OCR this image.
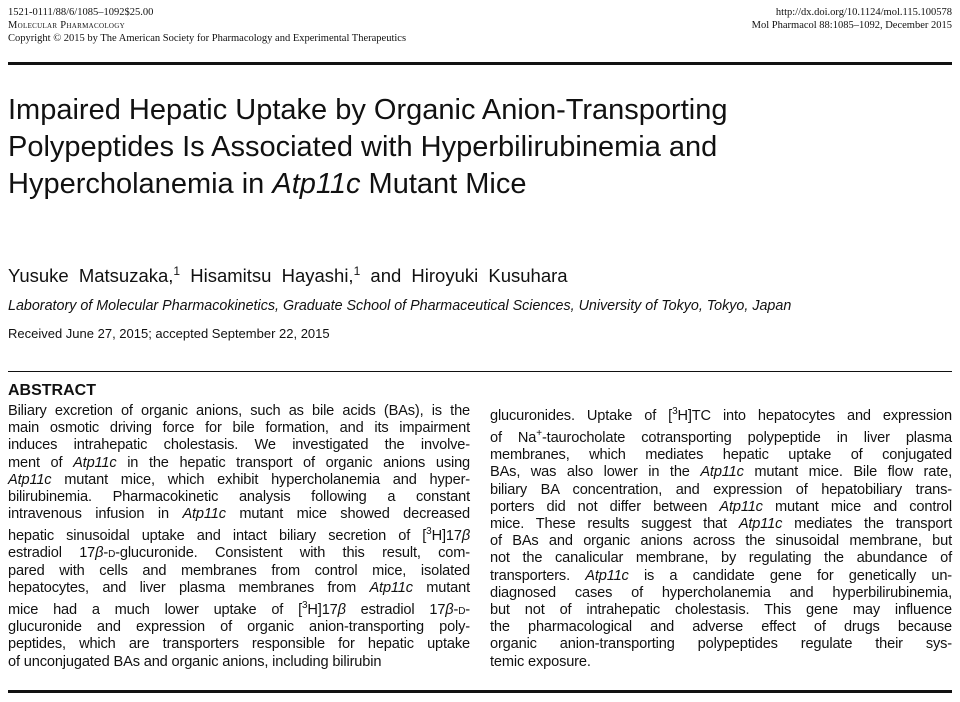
1521-0111/88/6/1085–1092$25.00
Molecular Pharmacology
Copyright © 2015 by The American Society for Pharmacology and Experimental Therapeutics
http://dx.doi.org/10.1124/mol.115.100578
Mol Pharmacol 88:1085–1092, December 2015
Impaired Hepatic Uptake by Organic Anion-Transporting
Polypeptides Is Associated with Hyperbilirubinemia and
Hypercholanemia in Atp11c Mutant Mice
Yusuke Matsuzaka,$^1$ Hisamitsu Hayashi,$^1$ and Hiroyuki Kusuhara
Laboratory of Molecular Pharmacokinetics, Graduate School of Pharmaceutical Sciences, University of Tokyo, Tokyo, Japan
Received June 27, 2015; accepted September 22, 2015
ABSTRACT
Biliary excretion of organic anions, such as bile acids (BAs), is the
main osmotic driving force for bile formation, and its impairment
induces intrahepatic cholestasis. We investigated the involve-
ment of Atp11c in the hepatic transport of organic anions using
Atp11c mutant mice, which exhibit hypercholanemia and hyper-
bilirubinemia. Pharmacokinetic analysis following a constant
intravenous infusion in Atp11c mutant mice showed decreased
hepatic sinusoidal uptake and intact biliary secretion of [$^3$H]17β
estradiol 17β-d-glucuronide. Consistent with this result, com-
pared with cells and membranes from control mice, isolated
hepatocytes, and liver plasma membranes from Atp11c mutant
mice had a much lower uptake of [$^3$H]17β estradiol 17β-d-
glucuronide and expression of organic anion-transporting poly-
peptides, which are transporters responsible for hepatic uptake
of unconjugated BAs and organic anions, including bilirubin
glucuronides. Uptake of [$^3$H]TC into hepatocytes and expression
of Na+-taurocholate cotransporting polypeptide in liver plasma
membranes, which mediates hepatic uptake of conjugated
BAs, was also lower in the Atp11c mutant mice. Bile flow rate,
biliary BA concentration, and expression of hepatobiliary trans-
porters did not differ between Atp11c mutant mice and control
mice. These results suggest that Atp11c mediates the transport
of BAs and organic anions across the sinusoidal membrane, but
not the canalicular membrane, by regulating the abundance of
transporters. Atp11c is a candidate gene for genetically un-
diagnosed cases of hypercholanemia and hyperbilirubinemia,
but not of intrahepatic cholestasis. This gene may influence
the pharmacological and adverse effect of drugs because
organic anion-transporting polypeptides regulate their sys-
temic exposure.
